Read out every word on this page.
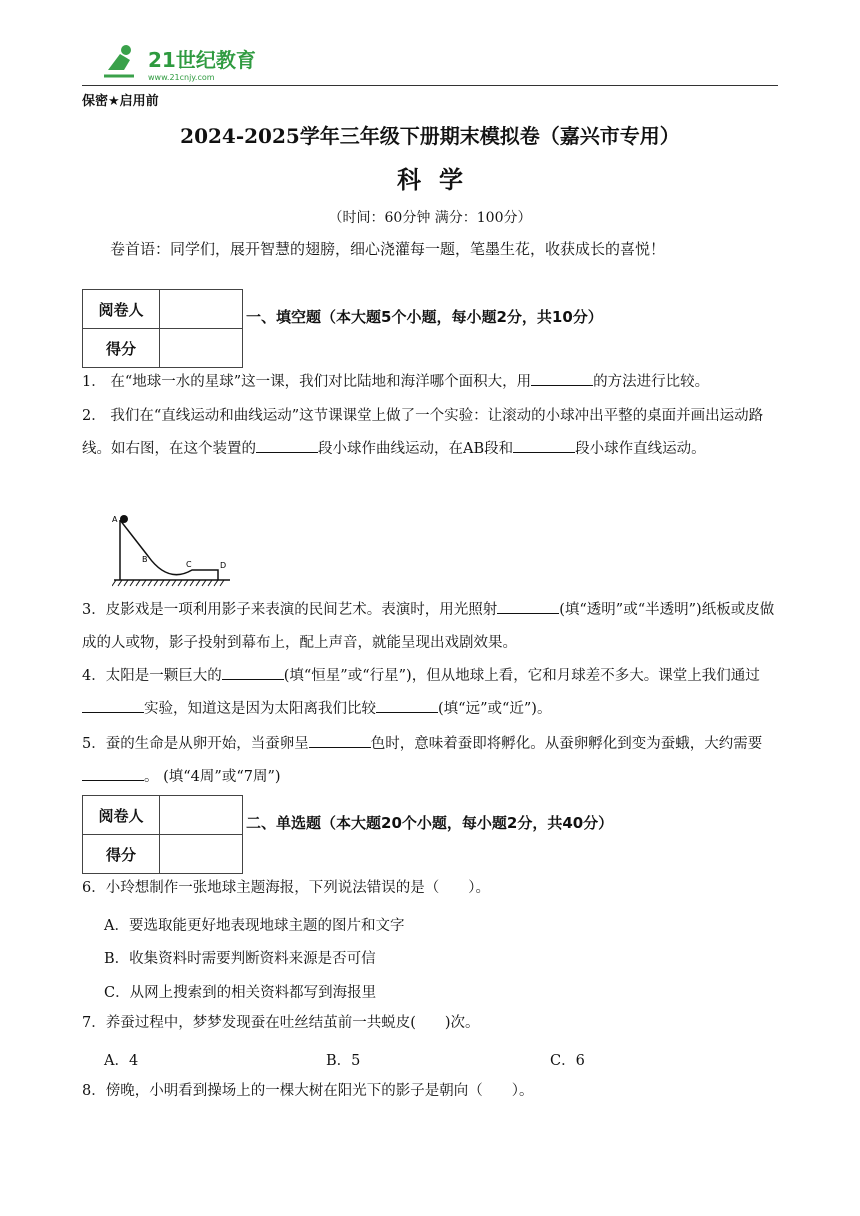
21世纪教育
www.21cnjy.com
保密★启用前
2024-2025学年三年级下册期末模拟卷（嘉兴市专用）
科学
（时间：60分钟 满分：100分）
卷首语：同学们，展开智慧的翅膀，细心浇灌每一题，笔墨生花，收获成长的喜悦！
阅卷人	
得分	
一、填空题（本大题5个小题，每小题2分，共10分）
1． 在“地球一水的星球”这一课，我们对比陆地和海洋哪个面积大，用	的方法进行比较。
2． 我们在“直线运动和曲线运动”这节课课堂上做了一个实验：让滚动的小球冲出平整的桌面并画出运动路线。如右图，在这个装置的	段小球作曲线运动，在AB段和	段小球作直线运动。
A
B
C	D
3．皮影戏是一项利用影子来表演的民间艺术。表演时，用光照射	(填“透明”或“半透明”)纸板或皮做成的人或物，影子投射到幕布上，配上声音，就能呈现出戏剧效果。
4．太阳是一颗巨大的	(填“恒星”或“行星”)，但从地球上看，它和月球差不多大。课堂上我们通过实验，知道这是因为太阳离我们比较	(填“远”或“近”)。
5．蚕的生命是从卵开始，当蚕卵呈	色时，意味着蚕即将孵化。从蚕卵孵化到变为蚕蛾，大约需要。 (填“4周”或“7周”)
阅卷人	
得分	
二、单选题（本大题20个小题，每小题2分，共40分）
6．小玲想制作一张地球主题海报，下列说法错误的是（　　）。
A．要选取能更好地表现地球主题的图片和文字
B．收集资料时需要判断资料来源是否可信
C．从网上搜索到的相关资料都写到海报里
7．养蚕过程中，梦梦发现蚕在吐丝结茧前一共蜕皮(　　)次。
A．4	B．5	C．6
8．傍晚，小明看到操场上的一棵大树在阳光下的影子是朝向（　　）。
